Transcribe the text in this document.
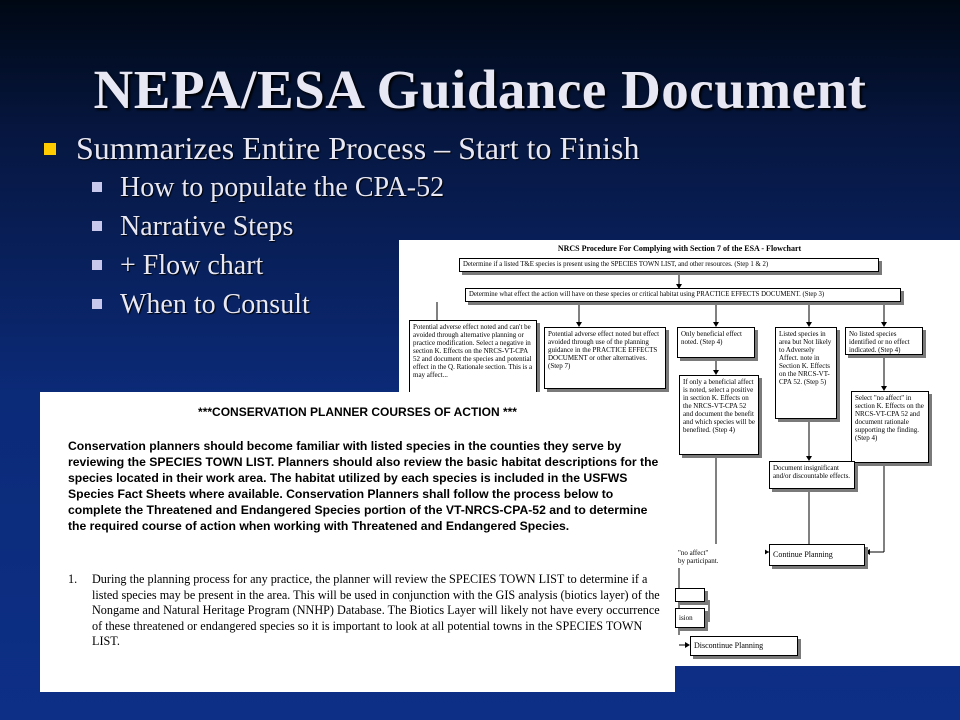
NEPA/ESA Guidance Document
Summarizes Entire Process – Start to Finish
How to populate the CPA-52
Narrative Steps
+ Flow chart
When to Consult
NRCS Procedure For Complying with Section 7 of the ESA - Flowchart
Determine if a listed T&E species is present using the SPECIES TOWN LIST, and other resources. (Step 1 & 2)
Determine what effect the action will have on these species or critical habitat using PRACTICE EFFECTS DOCUMENT. (Step 3)
Potential adverse effect noted and can't be avoided through alternative planning or practice modification. Select a negative in section K. Effects on the NRCS-VT-CPA 52 and document the species and potential effect in the Q. Rationale section. This is a may affect...
Potential adverse effect noted but effect avoided through use of the planning guidance in the PRACTICE EFFECTS DOCUMENT or other alternatives. (Step 7)
Only beneficial effect noted. (Step 4)
Listed species in area but Not likely to Adversely Affect. note in Section K. Effects on the NRCS-VT-CPA 52. (Step 5)
No listed species identified or no effect indicated. (Step 4)
If only a beneficial affect is noted, select a positive in section K. Effects on the NRCS-VT-CPA 52 and document the benefit and which species will be benefited. (Step 4)
Select "no affect" in section K. Effects on the NRCS-VT-CPA 52 and document rationale supporting the finding. (Step 4)
Document insignificant and/or discountable effects.
"no affect"
by participant.
Continue Planning
ision
Discontinue Planning
***CONSERVATION PLANNER COURSES OF ACTION ***
Conservation planners should become familiar with listed species in the counties they serve by reviewing the SPECIES TOWN LIST. Planners should also review the basic habitat descriptions for the species located in their work area. The habitat utilized by each species is included in the USFWS Species Fact Sheets where available. Conservation Planners shall follow the process below to complete the Threatened and Endangered Species portion of the VT-NRCS-CPA-52 and to determine the required course of action when working with Threatened and Endangered Species.
1. During the planning process for any practice, the planner will review the SPECIES TOWN LIST to determine if a listed species may be present in the area. This will be used in conjunction with the GIS analysis (biotics layer) of the Nongame and Natural Heritage Program (NNHP) Database. The Biotics Layer will likely not have every occurrence of these threatened or endangered species so it is important to look at all potential towns in the SPECIES TOWN LIST.
